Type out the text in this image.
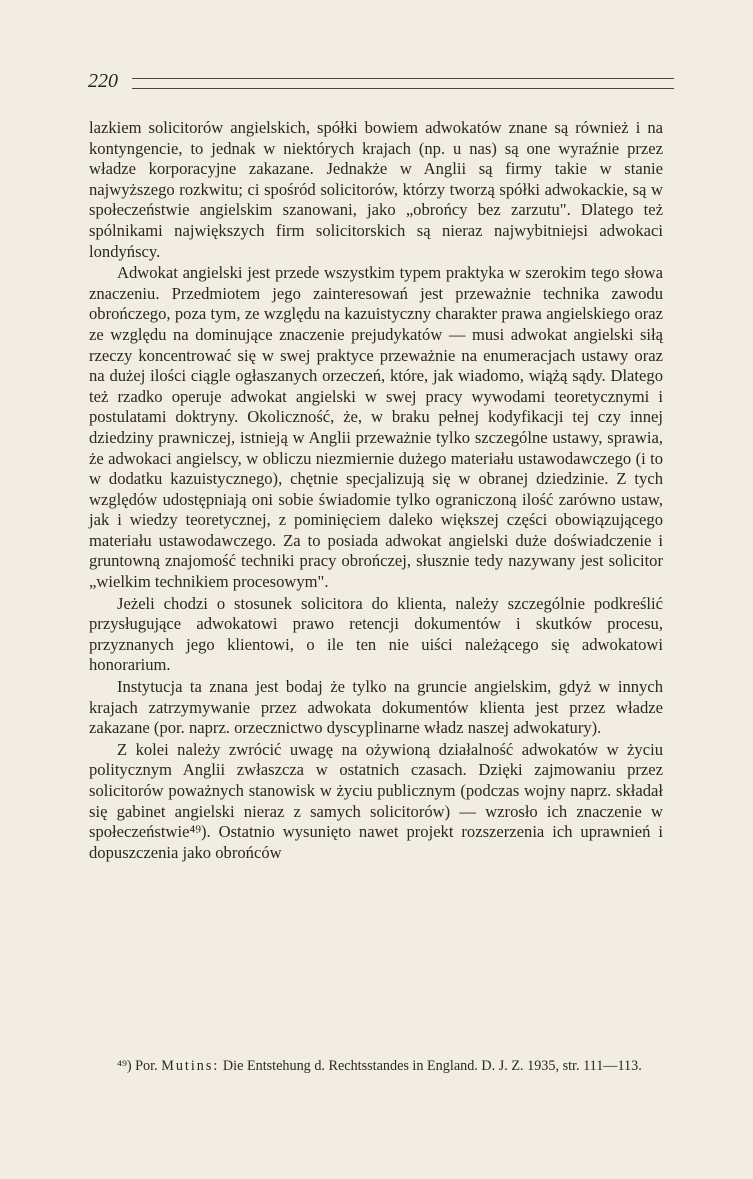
220

lazkiem solicitorów angielskich, spółki bowiem adwokatów znane są również i na kontyngencie, to jednak w niektórych krajach (np. u nas) są one wyraźnie przez władze korporacyjne zakazane. Jednakże w Anglii są firmy takie w stanie najwyższego rozkwitu; ci spośród solicitorów, którzy tworzą spółki adwokackie, są w społeczeństwie angielskim szanowani, jako „obrońcy bez zarzutu". Dlatego też spólnikami największych firm solicitorskich są nieraz najwybitniejsi adwokaci londyńscy.

Adwokat angielski jest przede wszystkim typem praktyka w szerokim tego słowa znaczeniu. Przedmiotem jego zainteresowań jest przeważnie technika zawodu obrończego, poza tym, ze względu na kazuistyczny charakter prawa angielskiego oraz ze względu na dominujące znaczenie prejudykatów — musi adwokat angielski siłą rzeczy koncentrować się w swej praktyce przeważnie na enumeracjach ustawy oraz na dużej ilości ciągle ogłaszanych orzeczeń, które, jak wiadomo, wiążą sądy. Dlatego też rzadko operuje adwokat angielski w swej pracy wywodami teoretycznymi i postulatami doktryny. Okoliczność, że, w braku pełnej kodyfikacji tej czy innej dziedziny prawniczej, istnieją w Anglii przeważnie tylko szczególne ustawy, sprawia, że adwokaci angielscy, w obliczu niezmiernie dużego materiału ustawodawczego (i to w dodatku kazuistycznego), chętnie specjalizują się w obranej dziedzinie. Z tych względów udostępniają oni sobie świadomie tylko ograniczoną ilość zarówno ustaw, jak i wiedzy teoretycznej, z pominięciem daleko większej części obowiązującego materiału ustawodawczego. Za to posiada adwokat angielski duże doświadczenie i gruntowną znajomość techniki pracy obrończej, słusznie tedy nazywany jest solicitor „wielkim technikiem procesowym".

Jeżeli chodzi o stosunek solicitora do klienta, należy szczególnie podkreślić przysługujące adwokatowi prawo retencji dokumentów i skutków procesu, przyznanych jego klientowi, o ile ten nie uiści należącego się adwokatowi honorarium.

Instytucja ta znana jest bodaj że tylko na gruncie angielskim, gdyż w innych krajach zatrzymywanie przez adwokata dokumentów klienta jest przez władze zakazane (por. naprz. orzecznictwo dyscyplinarne władz naszej adwokatury).

Z kolei należy zwrócić uwagę na ożywioną działalność adwokatów w życiu politycznym Anglii zwłaszcza w ostatnich czasach. Dzięki zajmowaniu przez solicitorów poważnych stanowisk w życiu publicznym (podczas wojny naprz. składał się gabinet angielski nieraz z samych solicitorów) — wzrosło ich znaczenie w społeczeństwie⁴⁹). Ostatnio wysunięto nawet projekt rozszerzenia ich uprawnień i dopuszczenia jako obrońców

⁴⁹) Por. Mutins: Die Entstehung d. Rechtsstandes in England. D. J. Z. 1935, str. 111—113.
